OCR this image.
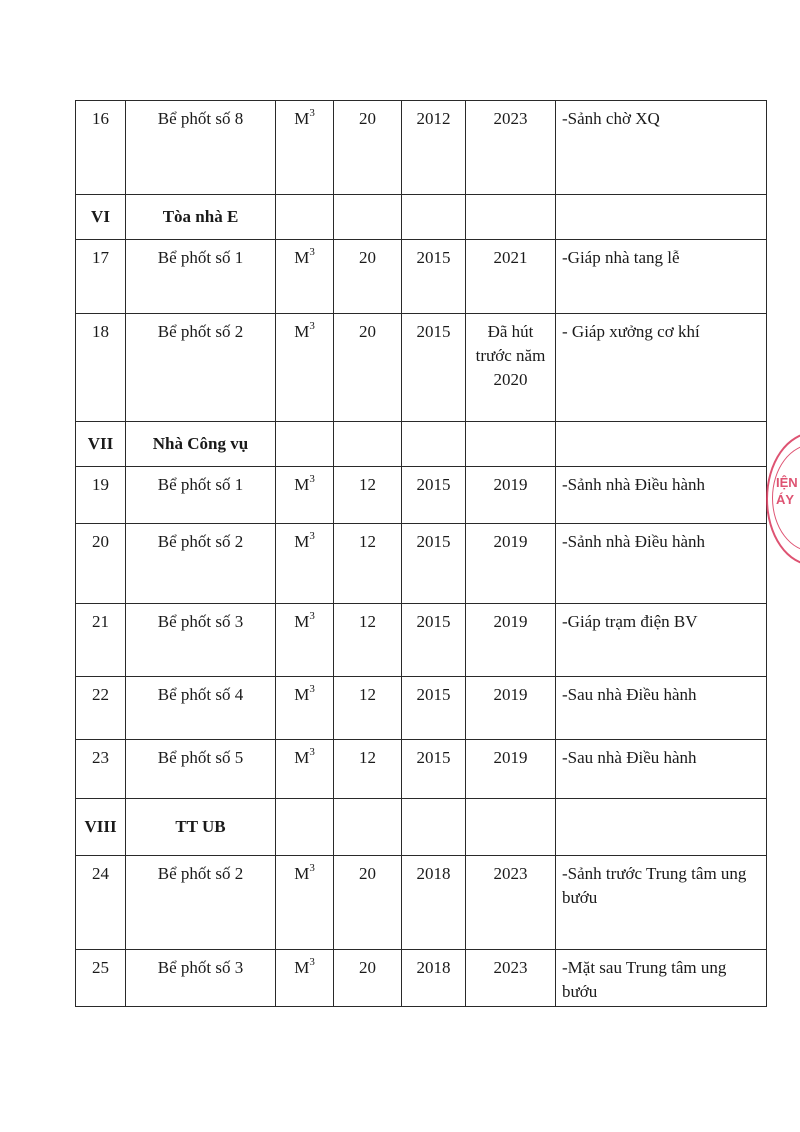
16	Bể phốt số 8	$M^3$	20	2012	2023	-Sảnh chờ XQ
VI	Tòa nhà E					
17	Bể phốt số 1	$M^3$	20	2015	2021	-Giáp nhà tang lễ
18	Bể phốt số 2	$M^3$	20	2015	Đã hút trước năm 2020	- Giáp xưởng cơ khí
VII	Nhà Công vụ					
19	Bể phốt số 1	$M^3$	12	2015	2019	-Sảnh nhà Điều hành
20	Bể phốt số 2	$M^3$	12	2015	2019	-Sảnh nhà Điều hành
21	Bể phốt số 3	$M^3$	12	2015	2019	-Giáp trạm điện BV
22	Bể phốt số 4	$M^3$	12	2015	2019	-Sau nhà Điều hành
23	Bể phốt số 5	$M^3$	12	2015	2019	-Sau nhà Điều hành
VIII	TT UB					
24	Bể phốt số 2	$M^3$	20	2018	2023	-Sảnh trước Trung tâm ung bướu
25	Bể phốt số 3	$M^3$	20	2018	2023	-Mặt sau Trung tâm ung bướu
IỆN
ÁY
